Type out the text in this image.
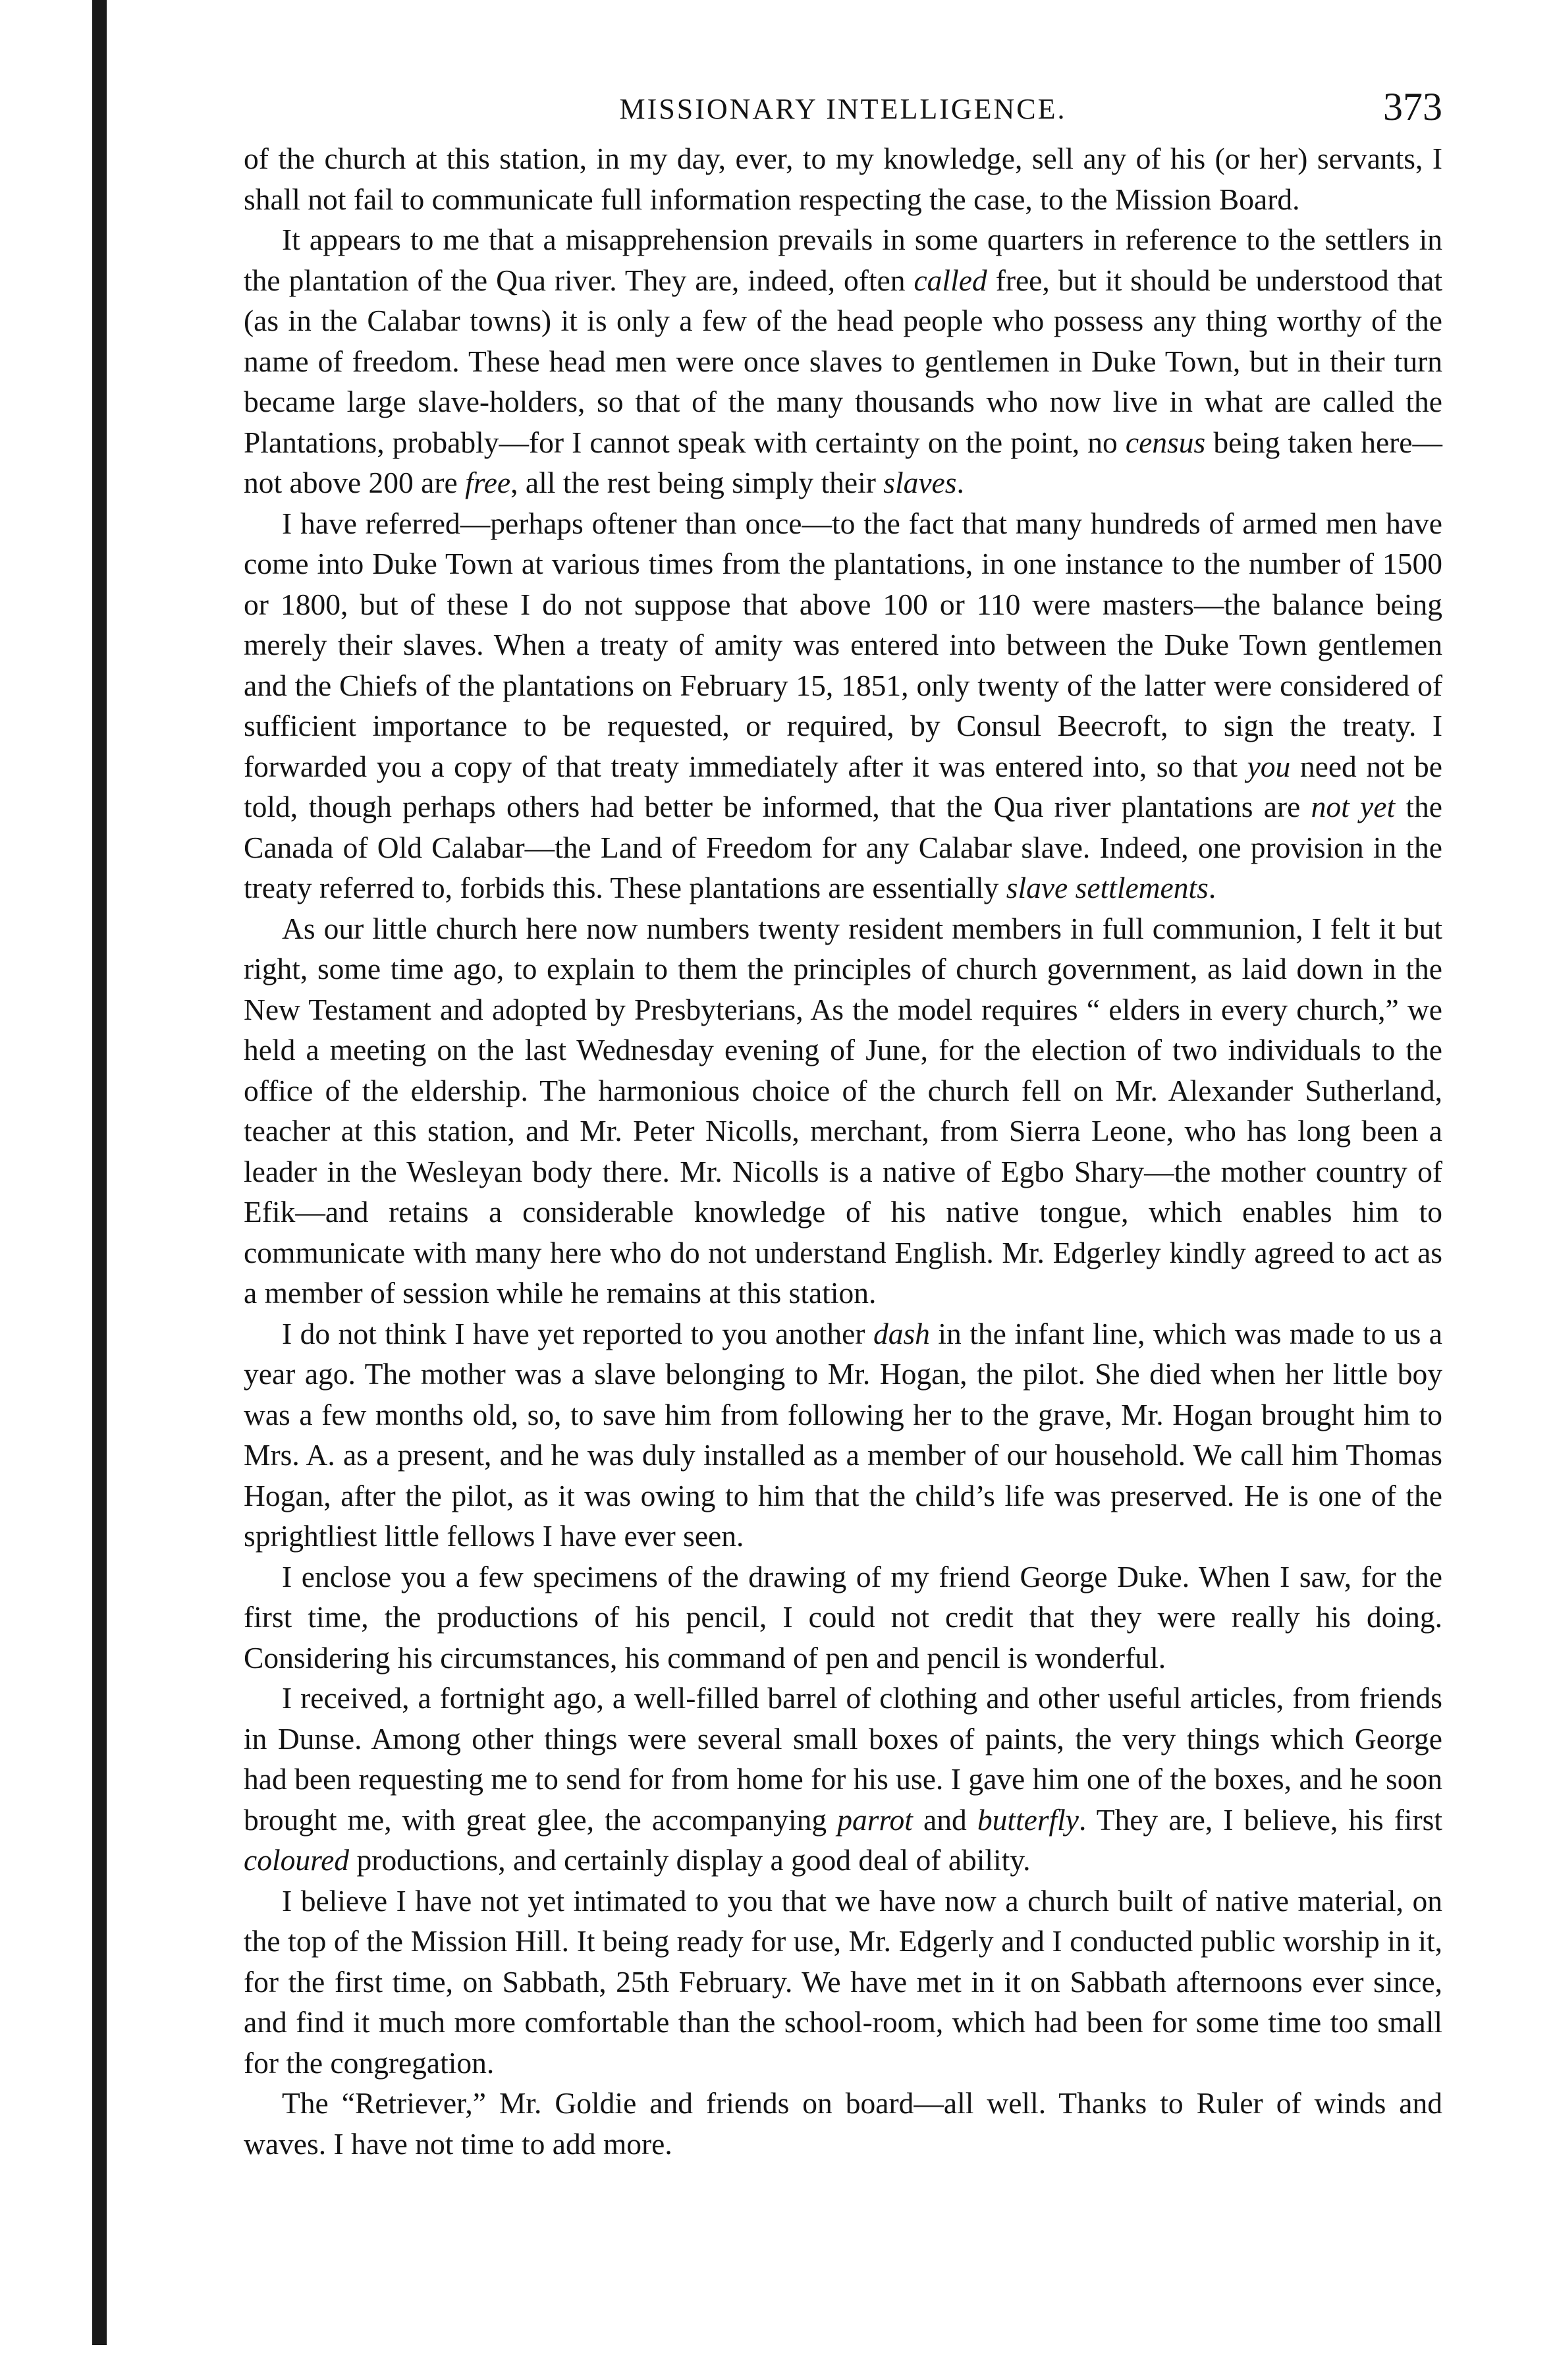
MISSIONARY INTELLIGENCE.	373

of the church at this station, in my day, ever, to my knowledge, sell any of his (or her) servants, I shall not fail to communicate full information respecting the case, to the Mission Board.

It appears to me that a misapprehension prevails in some quarters in reference to the settlers in the plantation of the Qua river. They are, indeed, often called free, but it should be understood that (as in the Calabar towns) it is only a few of the head people who possess any thing worthy of the name of freedom. These head men were once slaves to gentlemen in Duke Town, but in their turn became large slave-holders, so that of the many thousands who now live in what are called the Plantations, probably—for I cannot speak with certainty on the point, no census being taken here—not above 200 are free, all the rest being simply their slaves.

I have referred—perhaps oftener than once—to the fact that many hundreds of armed men have come into Duke Town at various times from the plantations, in one instance to the number of 1500 or 1800, but of these I do not suppose that above 100 or 110 were masters—the balance being merely their slaves. When a treaty of amity was entered into between the Duke Town gentlemen and the Chiefs of the plantations on February 15, 1851, only twenty of the latter were considered of sufficient importance to be requested, or required, by Consul Beecroft, to sign the treaty. I forwarded you a copy of that treaty immediately after it was entered into, so that you need not be told, though perhaps others had better be informed, that the Qua river plantations are not yet the Canada of Old Calabar—the Land of Freedom for any Calabar slave. Indeed, one provision in the treaty referred to, forbids this. These plantations are essentially slave settlements.

As our little church here now numbers twenty resident members in full communion, I felt it but right, some time ago, to explain to them the principles of church government, as laid down in the New Testament and adopted by Presbyterians, As the model requires “ elders in every church,” we held a meeting on the last Wednesday evening of June, for the election of two individuals to the office of the eldership. The harmonious choice of the church fell on Mr. Alexander Sutherland, teacher at this station, and Mr. Peter Nicolls, merchant, from Sierra Leone, who has long been a leader in the Wesleyan body there. Mr. Nicolls is a native of Egbo Shary—the mother country of Efik—and retains a considerable knowledge of his native tongue, which enables him to communicate with many here who do not understand English. Mr. Edgerley kindly agreed to act as a member of session while he remains at this station.

I do not think I have yet reported to you another dash in the infant line, which was made to us a year ago. The mother was a slave belonging to Mr. Hogan, the pilot. She died when her little boy was a few months old, so, to save him from following her to the grave, Mr. Hogan brought him to Mrs. A. as a present, and he was duly installed as a member of our household. We call him Thomas Hogan, after the pilot, as it was owing to him that the child’s life was preserved. He is one of the sprightliest little fellows I have ever seen.

I enclose you a few specimens of the drawing of my friend George Duke. When I saw, for the first time, the productions of his pencil, I could not credit that they were really his doing. Considering his circumstances, his command of pen and pencil is wonderful.

I received, a fortnight ago, a well-filled barrel of clothing and other useful articles, from friends in Dunse. Among other things were several small boxes of paints, the very things which George had been requesting me to send for from home for his use. I gave him one of the boxes, and he soon brought me, with great glee, the accompanying parrot and butterfly. They are, I believe, his first coloured productions, and certainly display a good deal of ability.

I believe I have not yet intimated to you that we have now a church built of native material, on the top of the Mission Hill. It being ready for use, Mr. Edgerly and I conducted public worship in it, for the first time, on Sabbath, 25th February. We have met in it on Sabbath afternoons ever since, and find it much more comfortable than the school-room, which had been for some time too small for the congregation.

The “Retriever,” Mr. Goldie and friends on board—all well. Thanks to Ruler of winds and waves. I have not time to add more.
